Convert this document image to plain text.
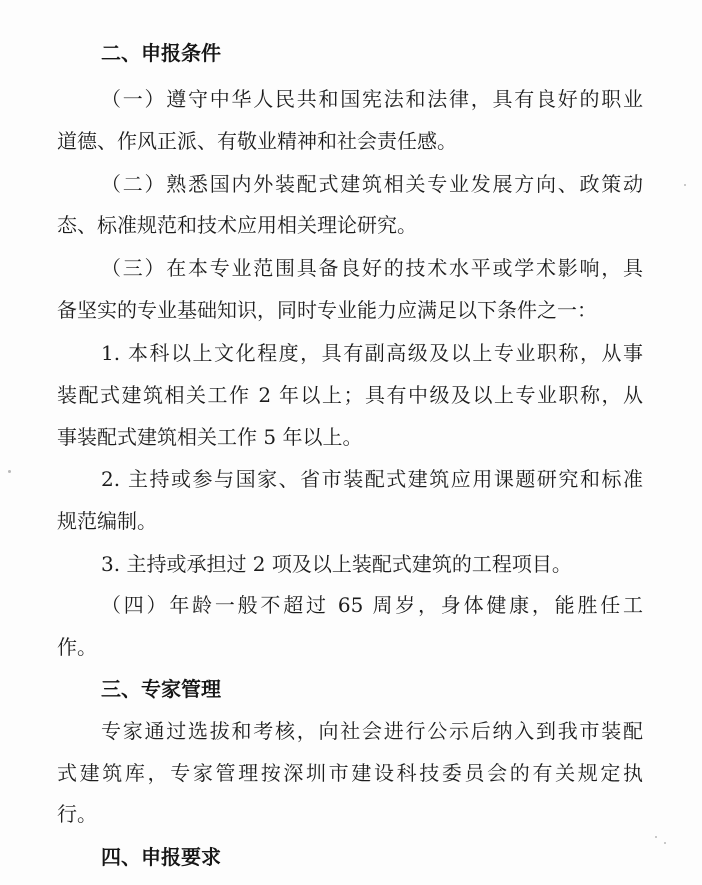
二、申报条件
（一）遵守中华人民共和国宪法和法律，具有良好的职业
道德、作风正派、有敬业精神和社会责任感。
（二）熟悉国内外装配式建筑相关专业发展方向、政策动
态、标准规范和技术应用相关理论研究。
（三）在本专业范围具备良好的技术水平或学术影响，具
备坚实的专业基础知识，同时专业能力应满足以下条件之一：
1. 本科以上文化程度，具有副高级及以上专业职称，从事
装配式建筑相关工作 2 年以上；具有中级及以上专业职称，从
事装配式建筑相关工作 5 年以上。
2. 主持或参与国家、省市装配式建筑应用课题研究和标准
规范编制。
3. 主持或承担过 2 项及以上装配式建筑的工程项目。
（四）年龄一般不超过 65 周岁，身体健康，能胜任工
作。
三、专家管理
专家通过选拔和考核，向社会进行公示后纳入到我市装配
式建筑库，专家管理按深圳市建设科技委员会的有关规定执
行。
四、申报要求
